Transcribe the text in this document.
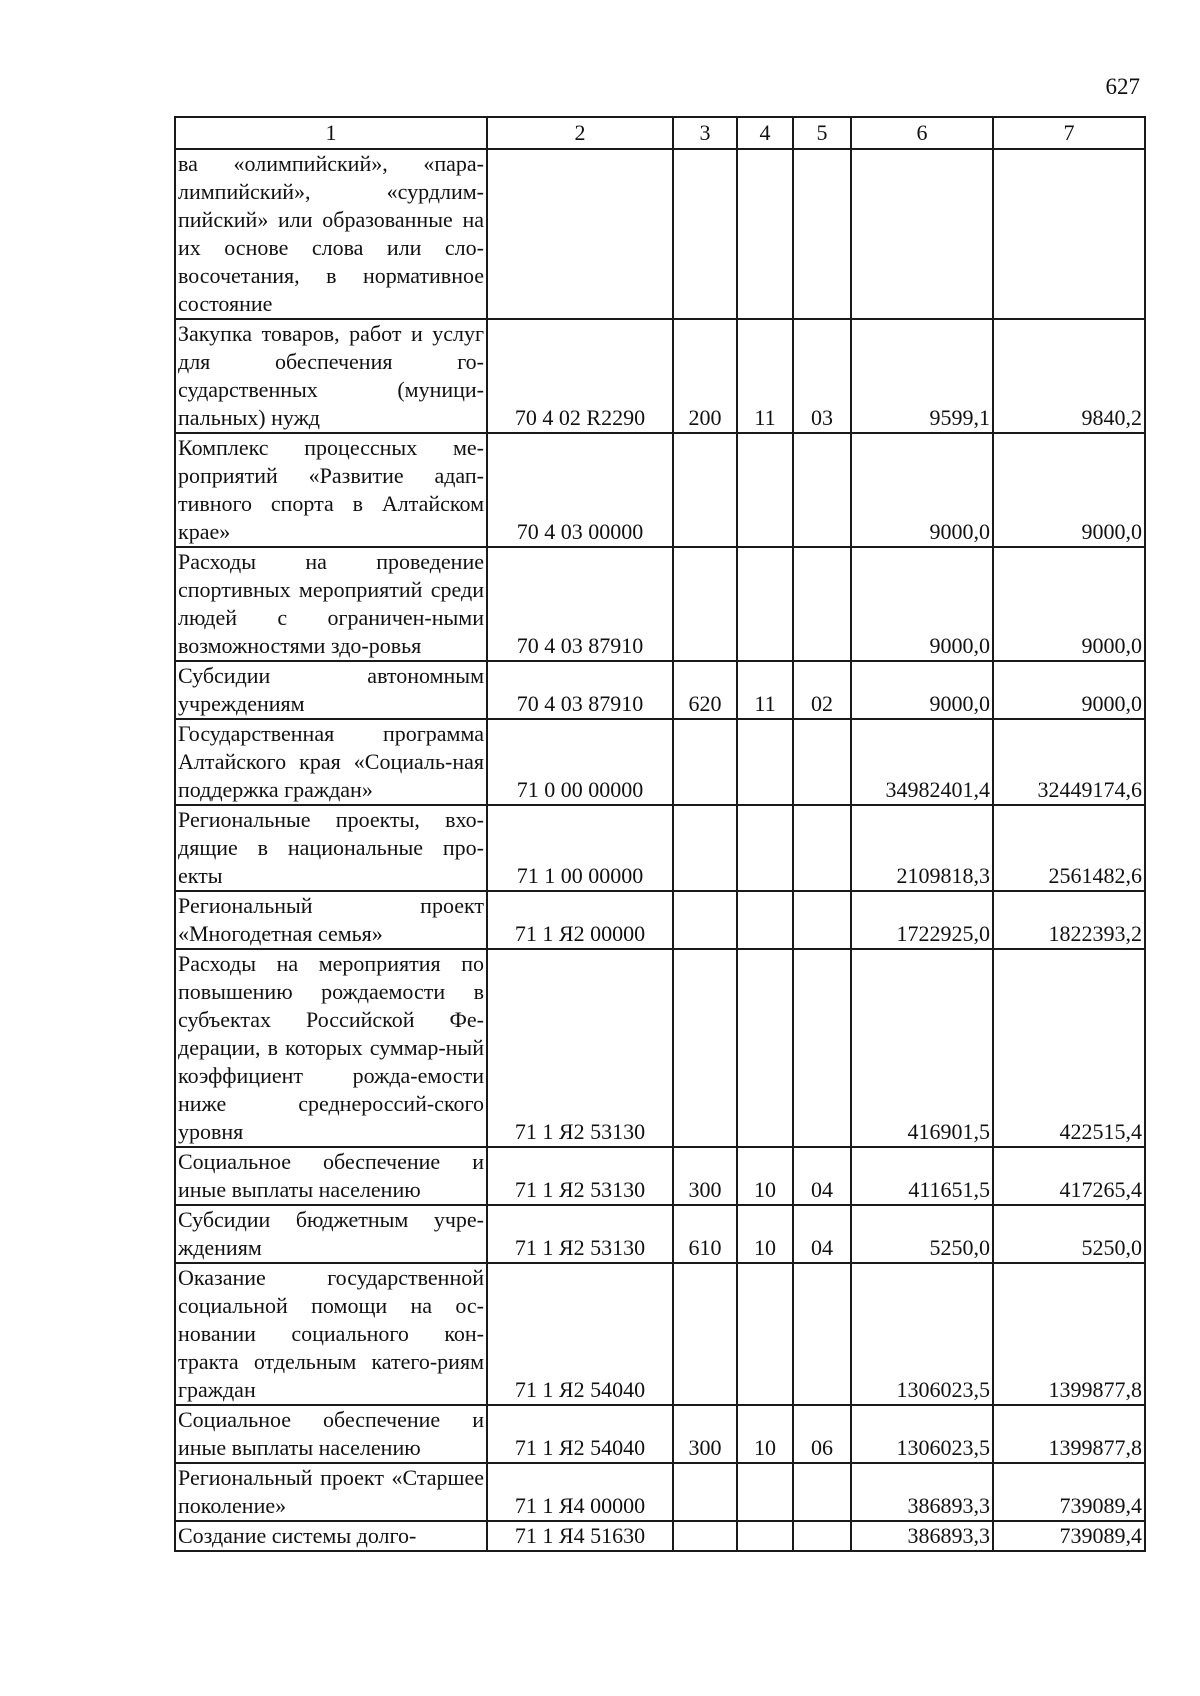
627
1	2	3	4	5	6	7
ва «олимпийский», «пара-лимпийский», «сурдлим-пийский» или образованные на их основе слова или сло-восочетания, в нормативное состояние						
Закупка товаров, работ и услуг для обеспечения го-сударственных (муници-пальных) нужд	70 4 02 R2290	200	11	03	9599,1	9840,2
Комплекс процессных ме-роприятий «Развитие адап-тивного спорта в Алтайском крае»	70 4 03 00000				9000,0	9000,0
Расходы на проведение спортивных мероприятий среди людей с ограничен-ными возможностями здо-ровья	70 4 03 87910				9000,0	9000,0
Субсидии автономным учреждениям	70 4 03 87910	620	11	02	9000,0	9000,0
Государственная программа Алтайского края «Социаль-ная поддержка граждан»	71 0 00 00000				34982401,4	32449174,6
Региональные проекты, вхо-дящие в национальные про-екты	71 1 00 00000				2109818,3	2561482,6
Региональный проект «Многодетная семья»	71 1 Я2 00000				1722925,0	1822393,2
Расходы на мероприятия по повышению рождаемости в субъектах Российской Фе-дерации, в которых суммар-ный коэффициент рожда-емости ниже среднероссий-ского уровня	71 1 Я2 53130				416901,5	422515,4
Социальное обеспечение и иные выплаты населению	71 1 Я2 53130	300	10	04	411651,5	417265,4
Субсидии бюджетным учре-ждениям	71 1 Я2 53130	610	10	04	5250,0	5250,0
Оказание государственной социальной помощи на ос-новании социального кон-тракта отдельным катего-риям граждан	71 1 Я2 54040				1306023,5	1399877,8
Социальное обеспечение и иные выплаты населению	71 1 Я2 54040	300	10	06	1306023,5	1399877,8
Региональный проект «Старшее поколение»	71 1 Я4 00000				386893,3	739089,4
Создание системы долго-	71 1 Я4 51630				386893,3	739089,4
